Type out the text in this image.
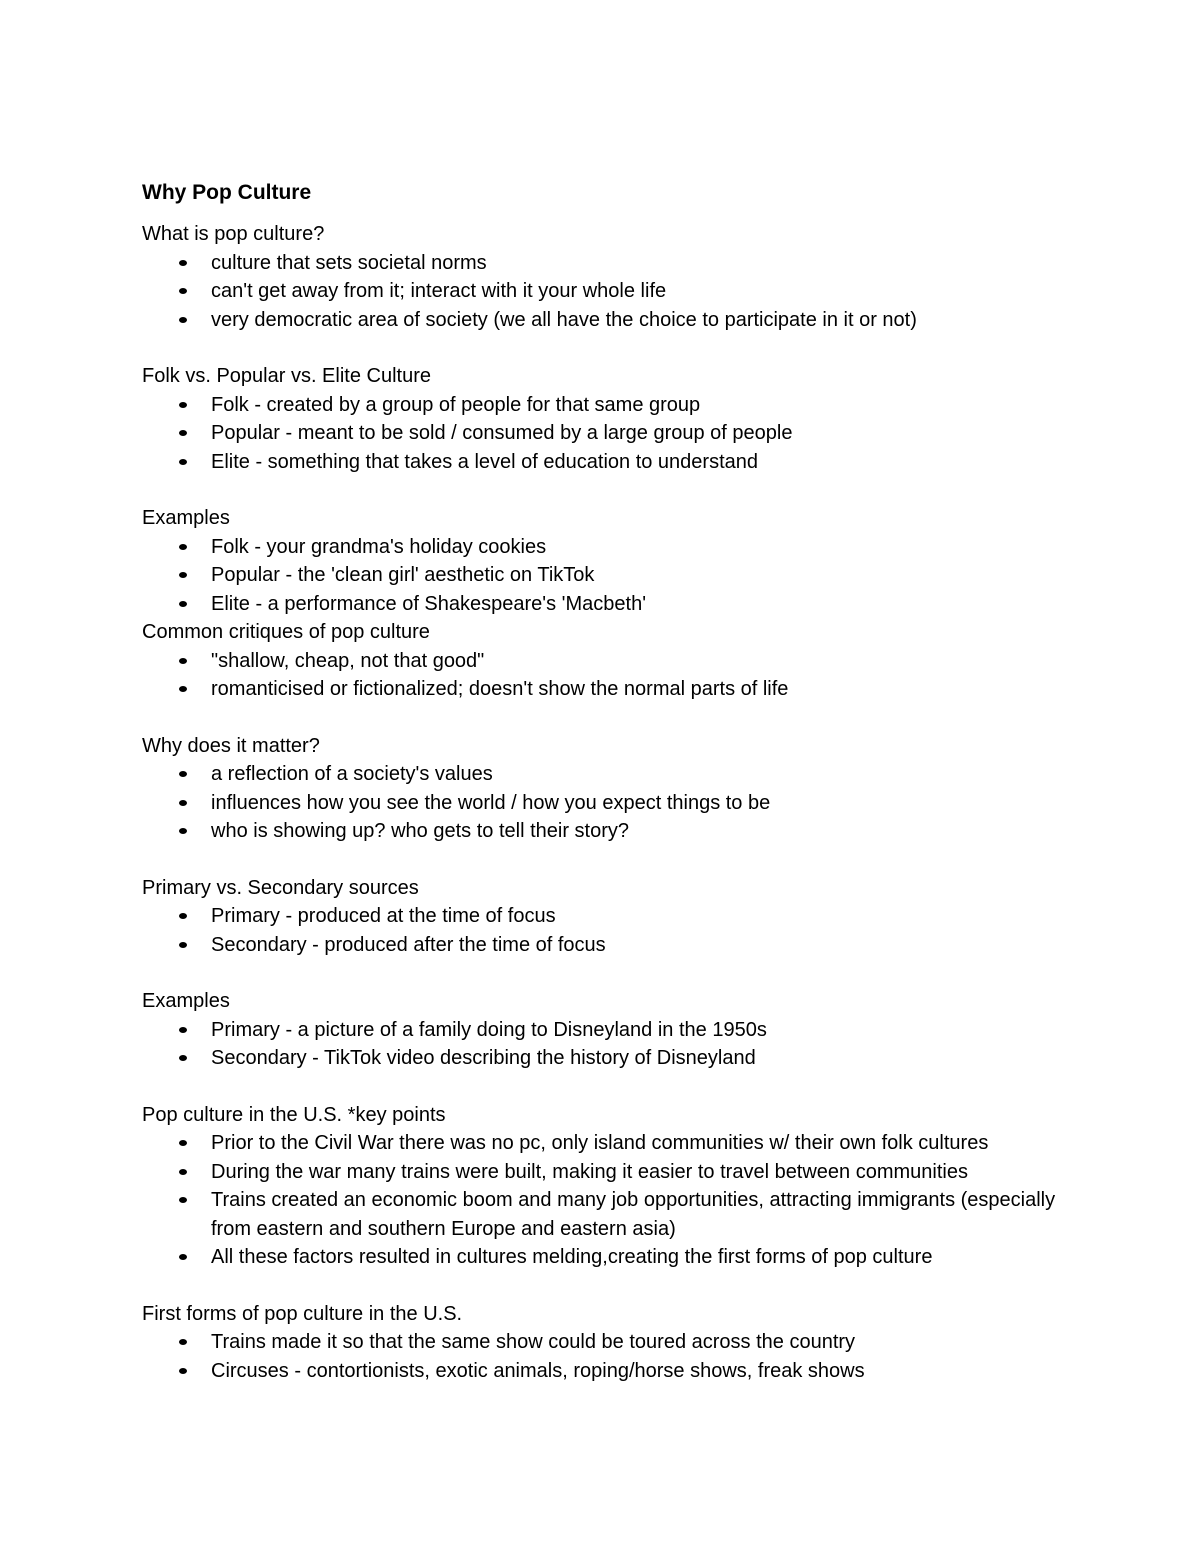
Why Pop Culture
What is pop culture?
culture that sets societal norms
can't get away from it; interact with it your whole life
very democratic area of society (we all have the choice to participate in it or not)
Folk vs. Popular vs. Elite Culture
Folk - created by a group of people for that same group
Popular - meant to be sold / consumed by a large group of people
Elite - something that takes a level of education to understand
Examples
Folk - your grandma's holiday cookies
Popular - the 'clean girl' aesthetic on TikTok
Elite - a performance of Shakespeare's 'Macbeth'
Common critiques of pop culture
"shallow, cheap, not that good"
romanticised or fictionalized; doesn't show the normal parts of life
Why does it matter?
a reflection of a society's values
influences how you see the world / how you expect things to be
who is showing up? who gets to tell their story?
Primary vs. Secondary sources
Primary - produced at the time of focus
Secondary - produced after the time of focus
Examples
Primary - a picture of a family doing to Disneyland in the 1950s
Secondary - TikTok video describing the history of Disneyland
Pop culture in the U.S. *key points
Prior to the Civil War there was no pc, only island communities w/ their own folk cultures
During the war many trains were built, making it easier to travel between communities
Trains created an economic boom and many job opportunities, attracting immigrants (especially from eastern and southern Europe and eastern asia)
All these factors resulted in cultures melding,creating the first forms of pop culture
First forms of pop culture in the U.S.
Trains made it so that the same show could be toured across the country
Circuses - contortionists, exotic animals, roping/horse shows, freak shows
